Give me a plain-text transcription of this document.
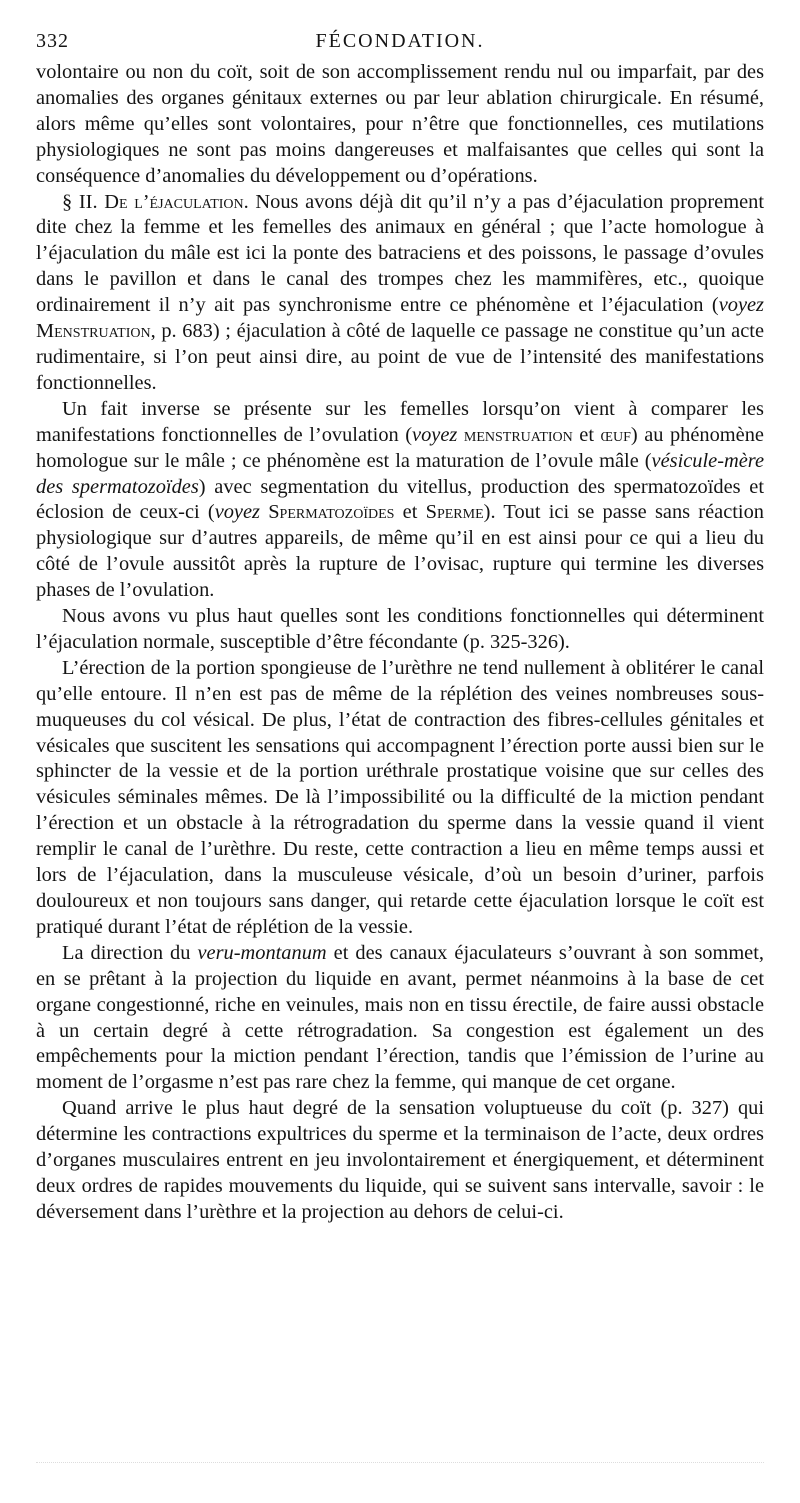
332	FÉCONDATION.

volontaire ou non du coït, soit de son accomplissement rendu nul ou imparfait, par des anomalies des organes génitaux externes ou par leur ablation chirurgicale. En résumé, alors même qu’elles sont volontaires, pour n’être que fonctionnelles, ces mutilations physiologiques ne sont pas moins dangereuses et malfaisantes que celles qui sont la conséquence d’anomalies du développement ou d’opérations.

§ II. De l’éjaculation. Nous avons déjà dit qu’il n’y a pas d’éjaculation proprement dite chez la femme et les femelles des animaux en général ; que l’acte homologue à l’éjaculation du mâle est ici la ponte des batraciens et des poissons, le passage d’ovules dans le pavillon et dans le canal des trompes chez les mammifères, etc., quoique ordinairement il n’y ait pas synchronisme entre ce phénomène et l’éjaculation (voyez Menstruation, p. 683) ; éjaculation à côté de laquelle ce passage ne constitue qu’un acte rudimentaire, si l’on peut ainsi dire, au point de vue de l’intensité des manifestations fonctionnelles.

Un fait inverse se présente sur les femelles lorsqu’on vient à comparer les manifestations fonctionnelles de l’ovulation (voyez menstruation et œuf) au phénomène homologue sur le mâle ; ce phénomène est la maturation de l’ovule mâle (vésicule-mère des spermatozoïdes) avec segmentation du vitellus, production des spermatozoïdes et éclosion de ceux-ci (voyez Spermatozoïdes et Sperme). Tout ici se passe sans réaction physiologique sur d’autres appareils, de même qu’il en est ainsi pour ce qui a lieu du côté de l’ovule aussitôt après la rupture de l’ovisac, rupture qui termine les diverses phases de l’ovulation.

Nous avons vu plus haut quelles sont les conditions fonctionnelles qui déterminent l’éjaculation normale, susceptible d’être fécondante (p. 325-326).

L’érection de la portion spongieuse de l’urèthre ne tend nullement à oblitérer le canal qu’elle entoure. Il n’en est pas de même de la réplétion des veines nombreuses sous-muqueuses du col vésical. De plus, l’état de contraction des fibres-cellules génitales et vésicales que suscitent les sensations qui accompagnent l’érection porte aussi bien sur le sphincter de la vessie et de la portion uréthrale prostatique voisine que sur celles des vésicules séminales mêmes. De là l’impossibilité ou la difficulté de la miction pendant l’érection et un obstacle à la rétrogradation du sperme dans la vessie quand il vient remplir le canal de l’urèthre. Du reste, cette contraction a lieu en même temps aussi et lors de l’éjaculation, dans la musculeuse vésicale, d’où un besoin d’uriner, parfois douloureux et non toujours sans danger, qui retarde cette éjaculation lorsque le coït est pratiqué durant l’état de réplétion de la vessie.

La direction du veru-montanum et des canaux éjaculateurs s’ouvrant à son sommet, en se prêtant à la projection du liquide en avant, permet néanmoins à la base de cet organe congestionné, riche en veinules, mais non en tissu érectile, de faire aussi obstacle à un certain degré à cette rétrogradation. Sa congestion est également un des empêchements pour la miction pendant l’érection, tandis que l’émission de l’urine au moment de l’orgasme n’est pas rare chez la femme, qui manque de cet organe.

Quand arrive le plus haut degré de la sensation voluptueuse du coït (p. 327) qui détermine les contractions expultrices du sperme et la terminaison de l’acte, deux ordres d’organes musculaires entrent en jeu involontairement et énergiquement, et déterminent deux ordres de rapides mouvements du liquide, qui se suivent sans intervalle, savoir : le déversement dans l’urèthre et la projection au dehors de celui-ci.
